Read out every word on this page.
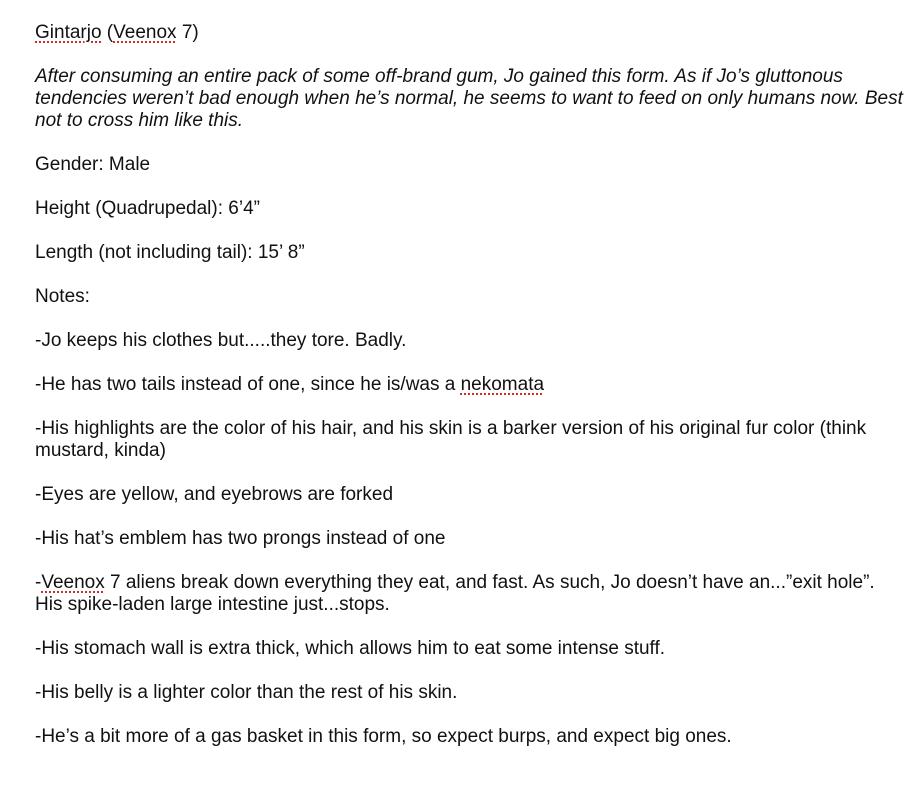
Gintarjo (Veenox 7)

After consuming an entire pack of some off-brand gum, Jo gained this form. As if Jo’s gluttonous tendencies weren’t bad enough when he’s normal, he seems to want to feed on only humans now. Best not to cross him like this.

Gender: Male

Height (Quadrupedal): 6’4”

Length (not including tail): 15’ 8”

Notes:

-Jo keeps his clothes but.....they tore. Badly.

-He has two tails instead of one, since he is/was a nekomata

-His highlights are the color of his hair, and his skin is a barker version of his original fur color (think mustard, kinda)

-Eyes are yellow, and eyebrows are forked

-His hat’s emblem has two prongs instead of one

-Veenox 7 aliens break down everything they eat, and fast. As such, Jo doesn’t have an...”exit hole”. His spike-laden large intestine just...stops.

-His stomach wall is extra thick, which allows him to eat some intense stuff.

-His belly is a lighter color than the rest of his skin.

-He’s a bit more of a gas basket in this form, so expect burps, and expect big ones.
